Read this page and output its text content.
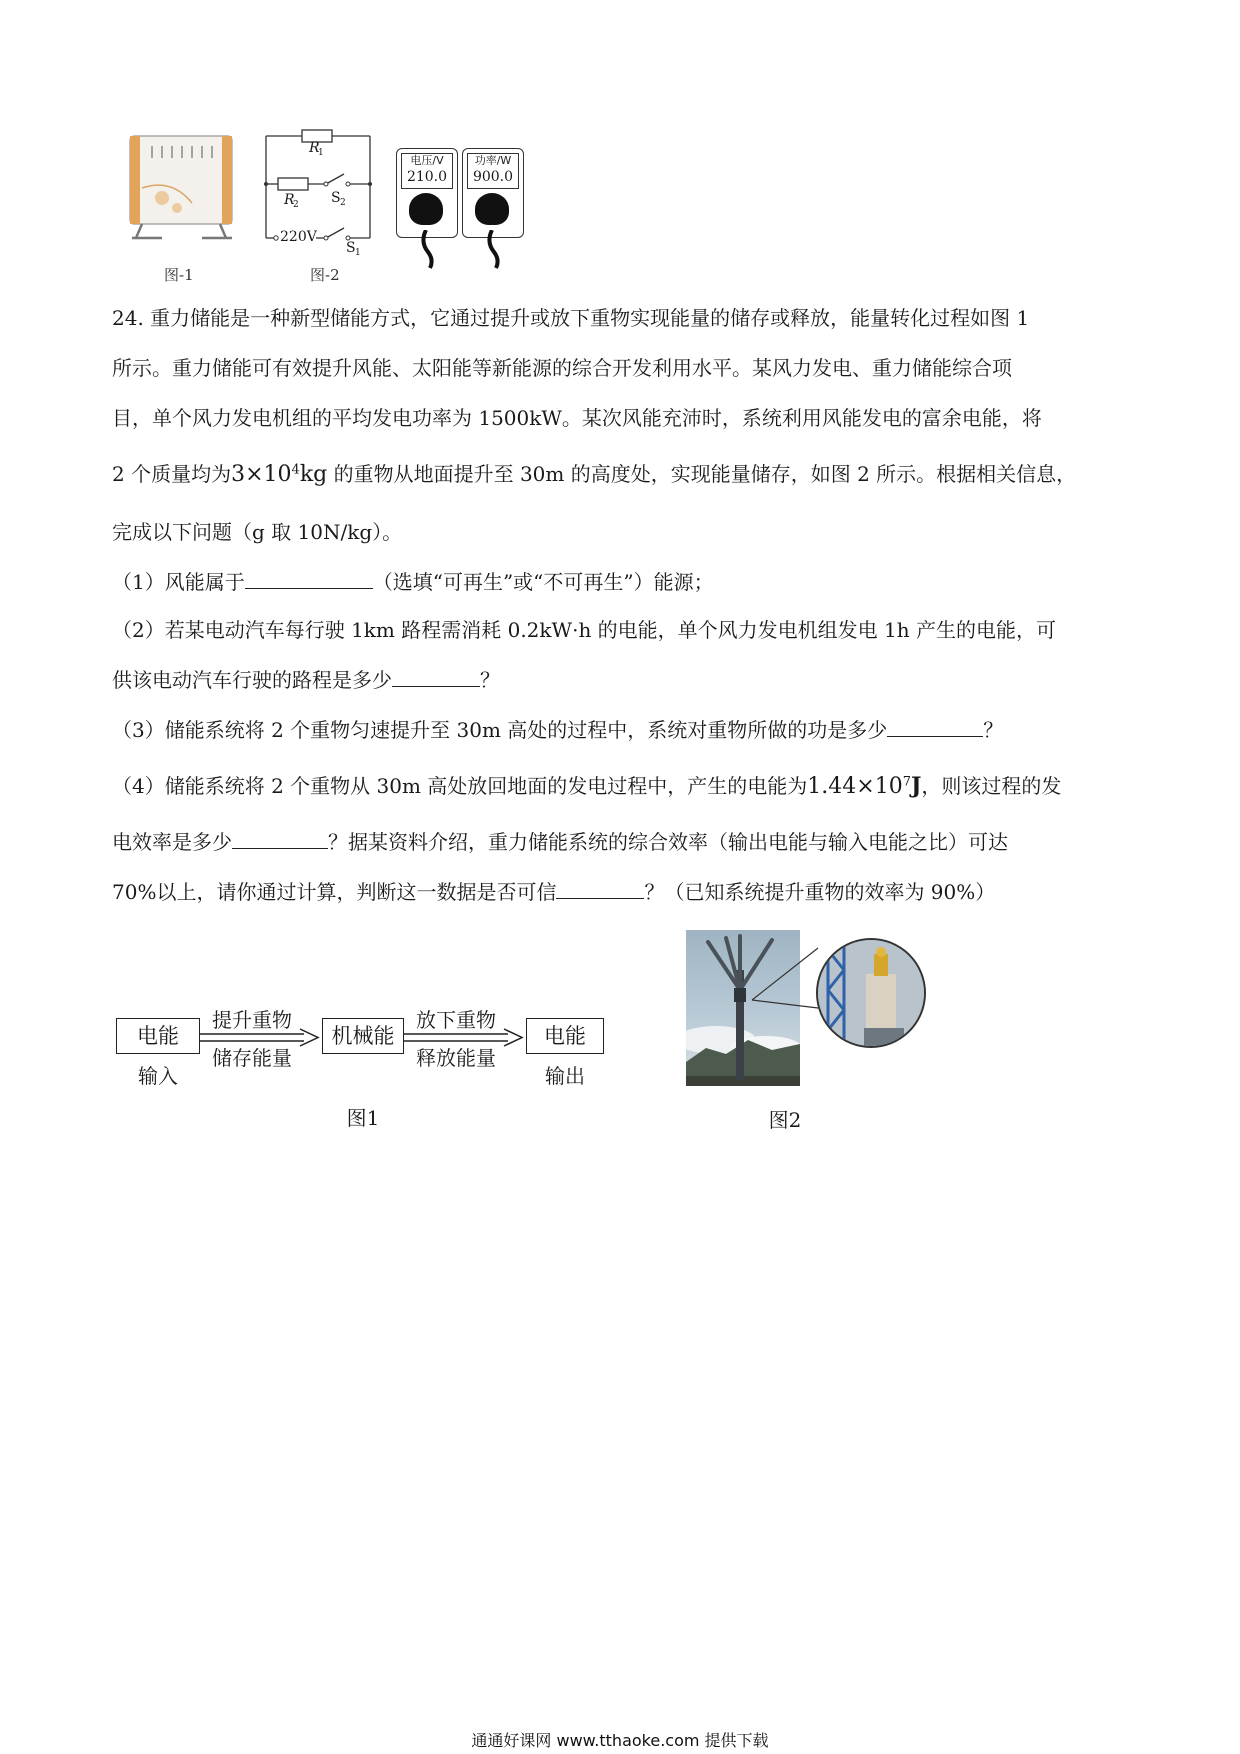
图-1
R
1
R
2 S 2
220V
S 1
图-2
电压/V
210.0
功率/W
900.0
24. 重力储能是一种新型储能方式，它通过提升或放下重物实现能量的储存或释放，能量转化过程如图 1
所示。重力储能可有效提升风能、太阳能等新能源的综合开发利用水平。某风力发电、重力储能综合项
目，单个风力发电机组的平均发电功率为 1500kW。某次风能充沛时，系统利用风能发电的富余电能，将
2 个质量均为$3\times 10^4kg$ 的重物从地面提升至 30m 的高度处，实现能量储存，如图 2 所示。根据相关信息，
完成以下问题（g 取 10N/kg）。
（1）风能属于	（选填“可再生”或“不可再生”）能源；
（2）若某电动汽车每行驶 1km 路程需消耗 0.2kW·h 的电能，单个风力发电机组发电 1h 产生的电能，可
供该电动汽车行驶的路程是多少	？
（3）储能系统将 2 个重物匀速提升至 30m 高处的过程中，系统对重物所做的功是多少	？
（4）储能系统将 2 个重物从 30m 高处放回地面的发电过程中，产生的电能为$1.44\times 10^7J$，则该过程的发
电效率是多少	？据某资料介绍，重力储能系统的综合效率（输出电能与输入电能之比）可达
70%以上，请你通过计算，判断这一数据是否可信	？（已知系统提升重物的效率为 90%）
电能
输入
提升重物
储存能量
机械能
放下重物
释放能量
电能
输出
图1	图2
通通好课网 www.tthaoke.com 提供下载
